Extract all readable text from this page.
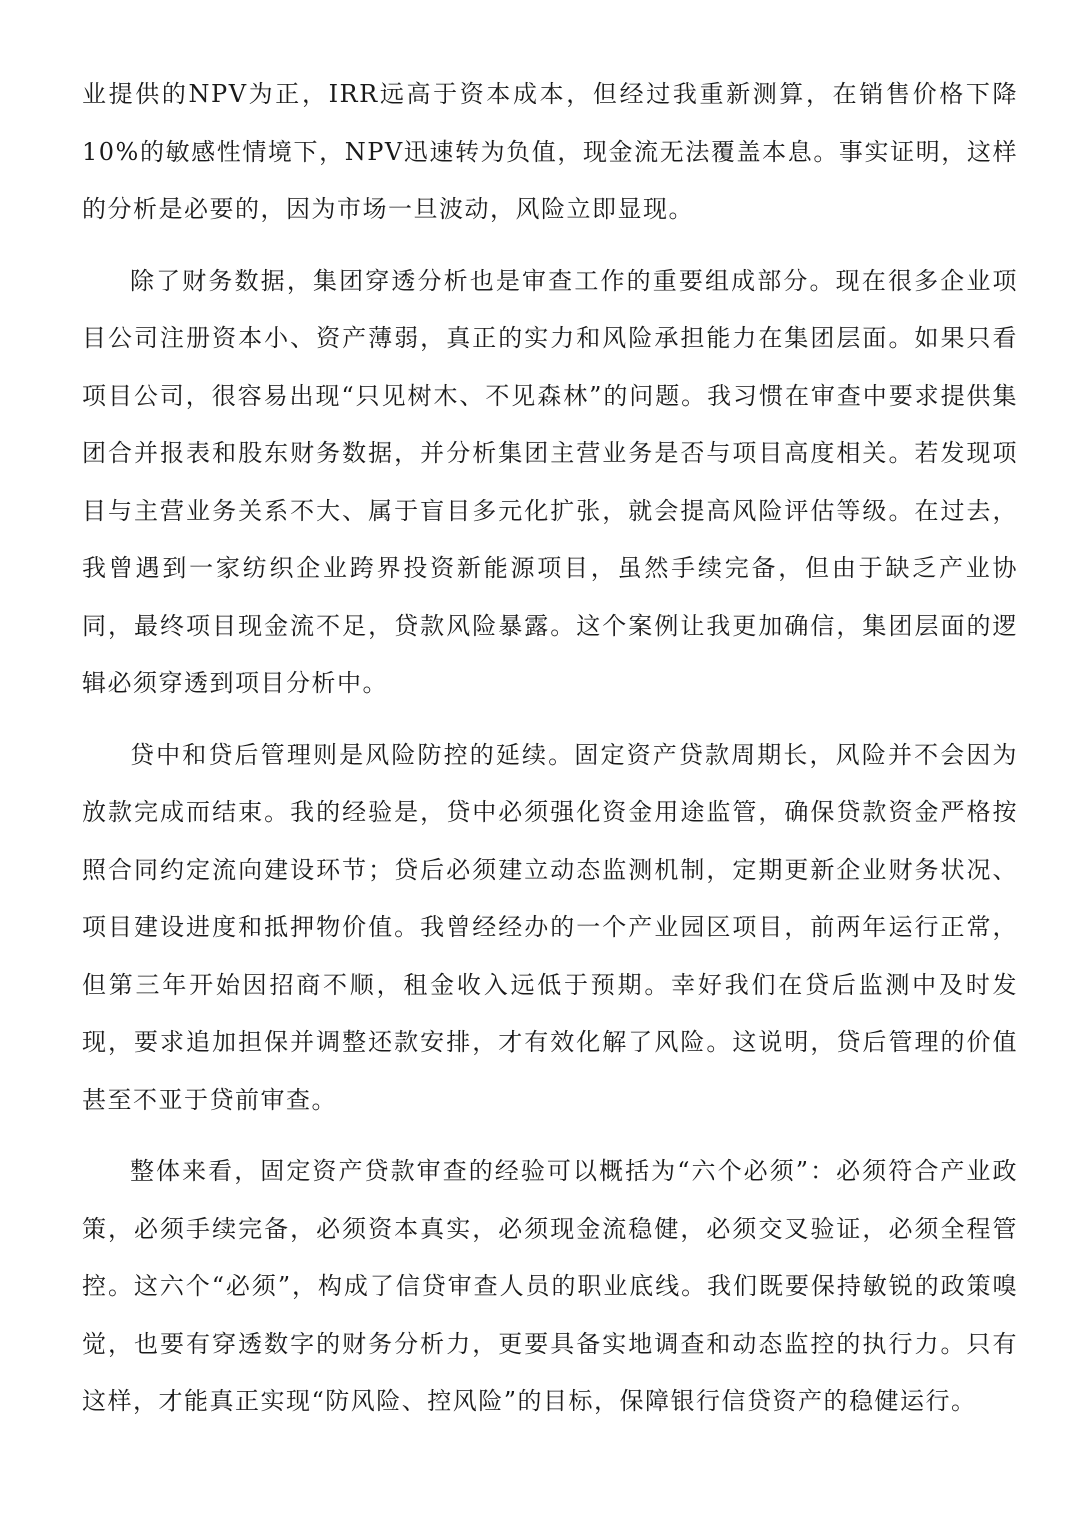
业提供的NPV为正，IRR远高于资本成本，但经过我重新测算，在销售价格下降10%的敏感性情境下，NPV迅速转为负值，现金流无法覆盖本息。事实证明，这样的分析是必要的，因为市场一旦波动，风险立即显现。

除了财务数据，集团穿透分析也是审查工作的重要组成部分。现在很多企业项目公司注册资本小、资产薄弱，真正的实力和风险承担能力在集团层面。如果只看项目公司，很容易出现“只见树木、不见森林”的问题。我习惯在审查中要求提供集团合并报表和股东财务数据，并分析集团主营业务是否与项目高度相关。若发现项目与主营业务关系不大、属于盲目多元化扩张，就会提高风险评估等级。在过去，我曾遇到一家纺织企业跨界投资新能源项目，虽然手续完备，但由于缺乏产业协同，最终项目现金流不足，贷款风险暴露。这个案例让我更加确信，集团层面的逻辑必须穿透到项目分析中。

贷中和贷后管理则是风险防控的延续。固定资产贷款周期长，风险并不会因为放款完成而结束。我的经验是，贷中必须强化资金用途监管，确保贷款资金严格按照合同约定流向建设环节；贷后必须建立动态监测机制，定期更新企业财务状况、项目建设进度和抵押物价值。我曾经经办的一个产业园区项目，前两年运行正常，但第三年开始因招商不顺，租金收入远低于预期。幸好我们在贷后监测中及时发现，要求追加担保并调整还款安排，才有效化解了风险。这说明，贷后管理的价值甚至不亚于贷前审查。

整体来看，固定资产贷款审查的经验可以概括为“六个必须”：必须符合产业政策，必须手续完备，必须资本真实，必须现金流稳健，必须交叉验证，必须全程管控。这六个“必须”，构成了信贷审查人员的职业底线。我们既要保持敏锐的政策嗅觉，也要有穿透数字的财务分析力，更要具备实地调查和动态监控的执行力。只有这样，才能真正实现“防风险、控风险”的目标，保障银行信贷资产的稳健运行。
